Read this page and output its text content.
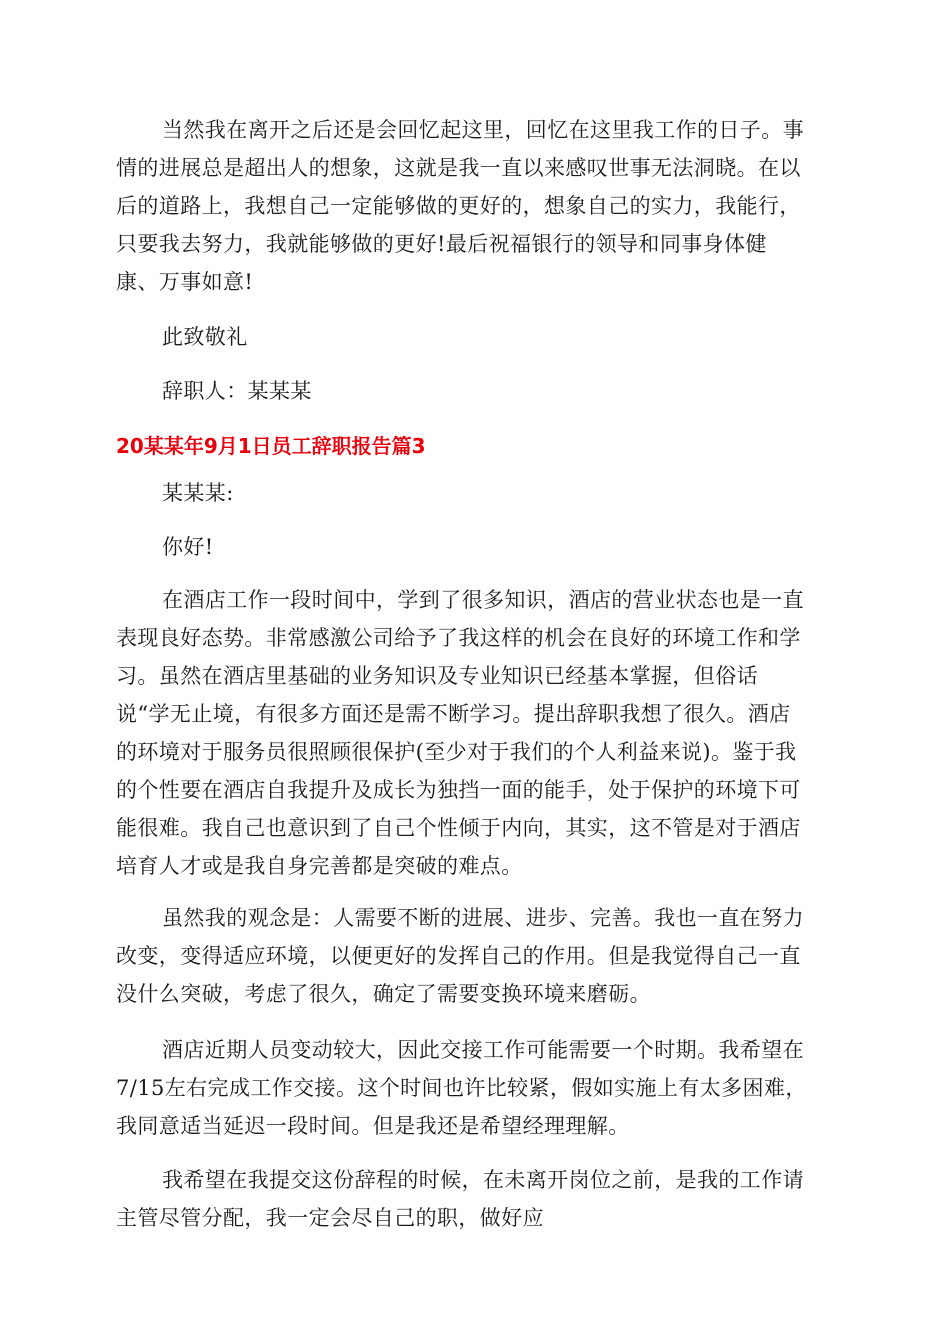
当然我在离开之后还是会回忆起这里，回忆在这里我工作的日子。事
情的进展总是超出人的想象，这就是我一直以来感叹世事无法洞晓。在以
后的道路上，我想自己一定能够做的更好的，想象自己的实力，我能行，
只要我去努力，我就能够做的更好!最后祝福银行的领导和同事身体健
康、万事如意!
此致敬礼
辞职人：某某某
20某某年9月1日员工辞职报告篇3
某某某:
你好!
在酒店工作一段时间中，学到了很多知识，酒店的营业状态也是一直
表现良好态势。非常感激公司给予了我这样的机会在良好的环境工作和学
习。虽然在酒店里基础的业务知识及专业知识已经基本掌握，但俗话
说“学无止境，有很多方面还是需不断学习。提出辞职我想了很久。酒店
的环境对于服务员很照顾很保护(至少对于我们的个人利益来说)。鉴于我
的个性要在酒店自我提升及成长为独挡一面的能手，处于保护的环境下可
能很难。我自己也意识到了自己个性倾于内向，其实，这不管是对于酒店
培育人才或是我自身完善都是突破的难点。
虽然我的观念是：人需要不断的进展、进步、完善。我也一直在努力
改变，变得适应环境，以便更好的发挥自己的作用。但是我觉得自己一直
没什么突破，考虑了很久，确定了需要变换环境来磨砺。
酒店近期人员变动较大，因此交接工作可能需要一个时期。我希望在
7/15左右完成工作交接。这个时间也许比较紧，假如实施上有太多困难，
我同意适当延迟一段时间。但是我还是希望经理理解。
我希望在我提交这份辞程的时候，在未离开岗位之前，是我的工作请
主管尽管分配，我一定会尽自己的职，做好应
